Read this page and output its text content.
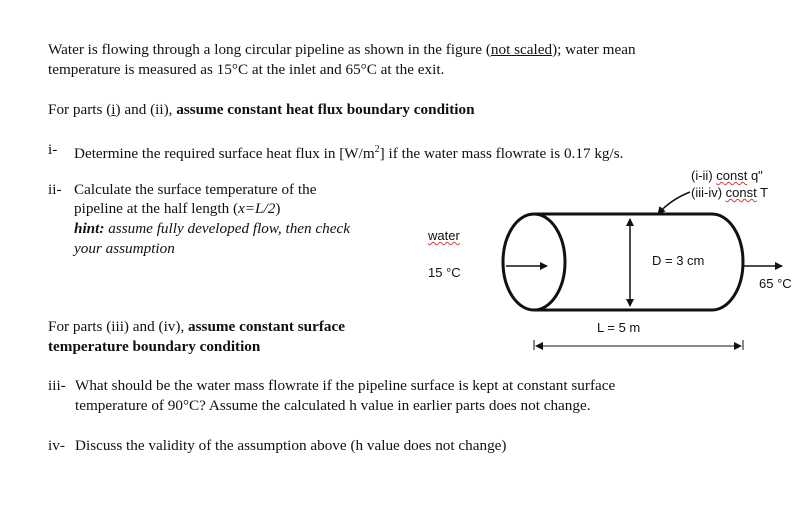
Water is flowing through a long circular pipeline as shown in the figure (not scaled); water mean
temperature is measured as 15°C at the inlet and 65°C at the exit.
For parts (i) and (ii), assume constant heat flux boundary condition
i- Determine the required surface heat flux in $[W/m^2]$ if the water mass flowrate is 0.17 kg/s.
ii- Calculate the surface temperature of the
pipeline at the half length (x=L/2)
hint: assume fully developed flow, then check
your assumption
For parts (iii) and (iv), assume constant surface
temperature boundary condition
iii- What should be the water mass flowrate if the pipeline surface is kept at constant surface
temperature of 90°C? Assume the calculated h value in earlier parts does not change.
iv- Discuss the validity of the assumption above (h value does not change)
(i-ii) const q"
(iii-iv) const T
water
15 °C
D = 3 cm
65 °C
L = 5 m
